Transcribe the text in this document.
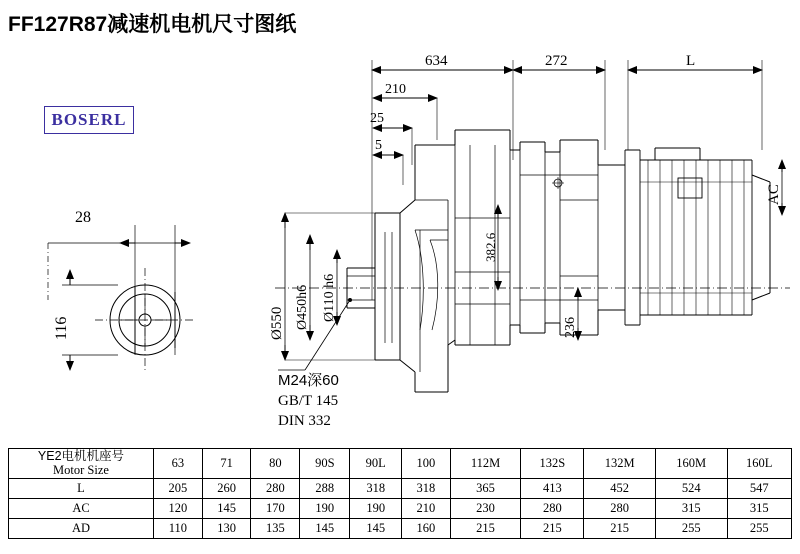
FF127R87减速机电机尺寸图纸
BOSERL
28
116
634	272	L
210
25
5
Ø550 Ø450h6 Ø110 h6
382.6
236
AC
M24深60
GB/T 145
DIN 332
YE2电机机座号
Motor Size	63	71	80	90S	90L	100	112M	132S	132M	160M	160L
L	205	260	280	288	318	318	365	413	452	524	547
AC	120	145	170	190	190	210	230	280	280	315	315
AD	110	130	135	145	145	160	215	215	215	255	255
